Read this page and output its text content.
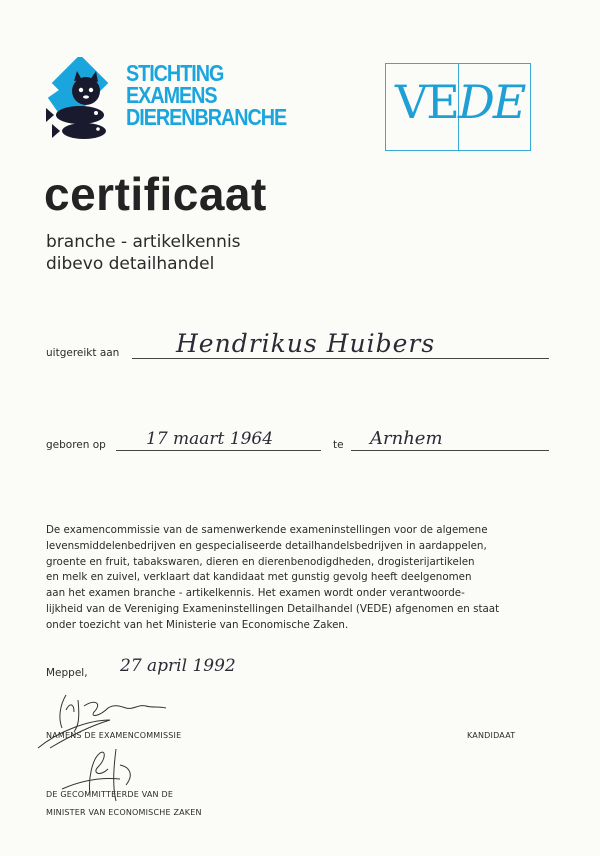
STICHTING
EXAMENS
DIERENBRANCHE VE DE
certificaat
branche - artikelkennis
dibevo detailhandel
uitgereikt aan Hendrikus Huibers
geboren op 17 maart 1964	te Arnhem
De examencommissie van de samenwerkende exameninstellingen voor de algemene
levensmiddelenbedrijven en gespecialiseerde detailhandelsbedrijven in aardappelen,
groente en fruit, tabakswaren, dieren en dierenbenodigdheden, drogisterijartikelen
en melk en zuivel, verklaart dat kandidaat met gunstig gevolg heeft deelgenomen
aan het examen branche - artikelkennis. Het examen wordt onder verantwoorde-
lijkheid van de Vereniging Exameninstellingen Detailhandel (VEDE) afgenomen en staat
onder toezicht van het Ministerie van Economische Zaken.
Meppel, 27 april 1992
NAMENS DE EXAMENCOMMISSIE	KANDIDAAT
DE GECOMMITTEERDE VAN DE
MINISTER VAN ECONOMISCHE ZAKEN
